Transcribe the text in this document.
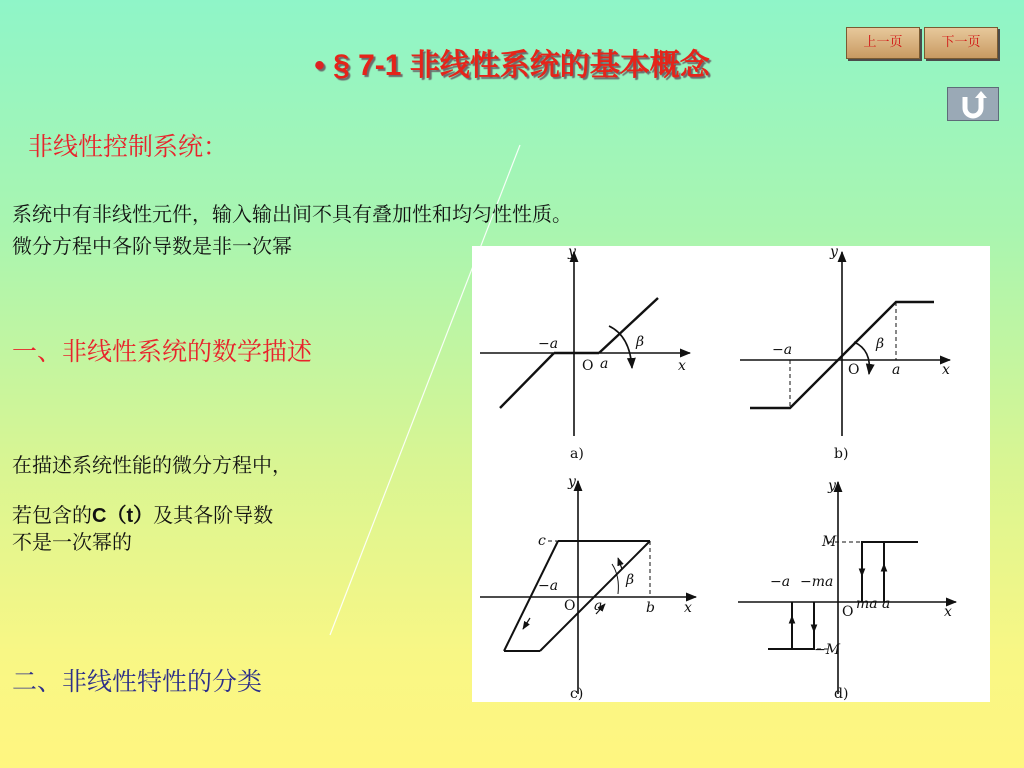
• § 7-1 非线性系统的基本概念
上一页	下一页
非线性控制系统：
系统中有非线性元件，输入输出间不具有叠加性和均匀性性质。
微分方程中各阶导数是非一次幂
一、非线性系统的数学描述
在描述系统性能的微分方程中，
若包含的C（t）及其各阶导数
不是一次幂的
二、非线性特性的分类
y
x
O
−a
a
β
a)
y
x
O
−a
a
β
b)
y
x
O
−a
a	b
c
β
c)
y
x
O
M
−M
−a −ma
ma a
d)
